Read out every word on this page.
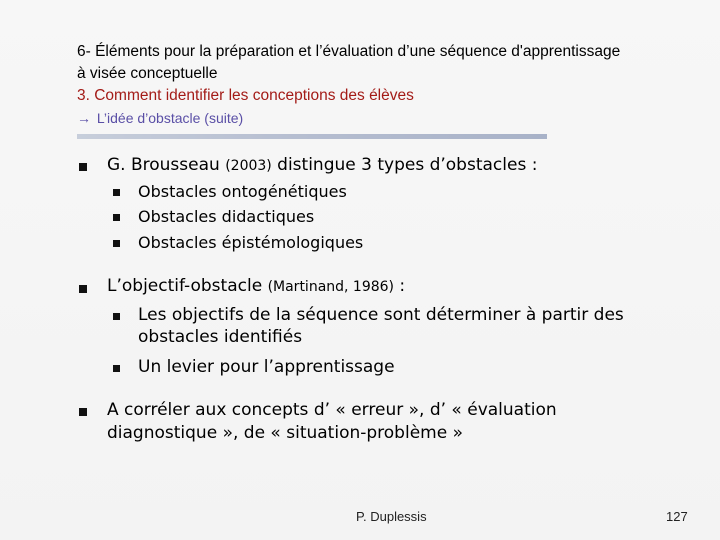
6- Éléments pour la préparation et l’évaluation d’une séquence d'apprentissage
à visée conceptuelle
3. Comment identifier les conceptions des élèves
→ L’idée d’obstacle (suite)
G. Brousseau (2003) distingue 3 types d’obstacles :
Obstacles ontogénétiques
Obstacles didactiques
Obstacles épistémologiques
L’objectif-obstacle (Martinand, 1986) :
Les objectifs de la séquence sont déterminer à partir des
obstacles identifiés
Un levier pour l’apprentissage
A corréler aux concepts d’ « erreur », d’ « évaluation
diagnostique », de « situation-problème »
P. Duplessis	127
